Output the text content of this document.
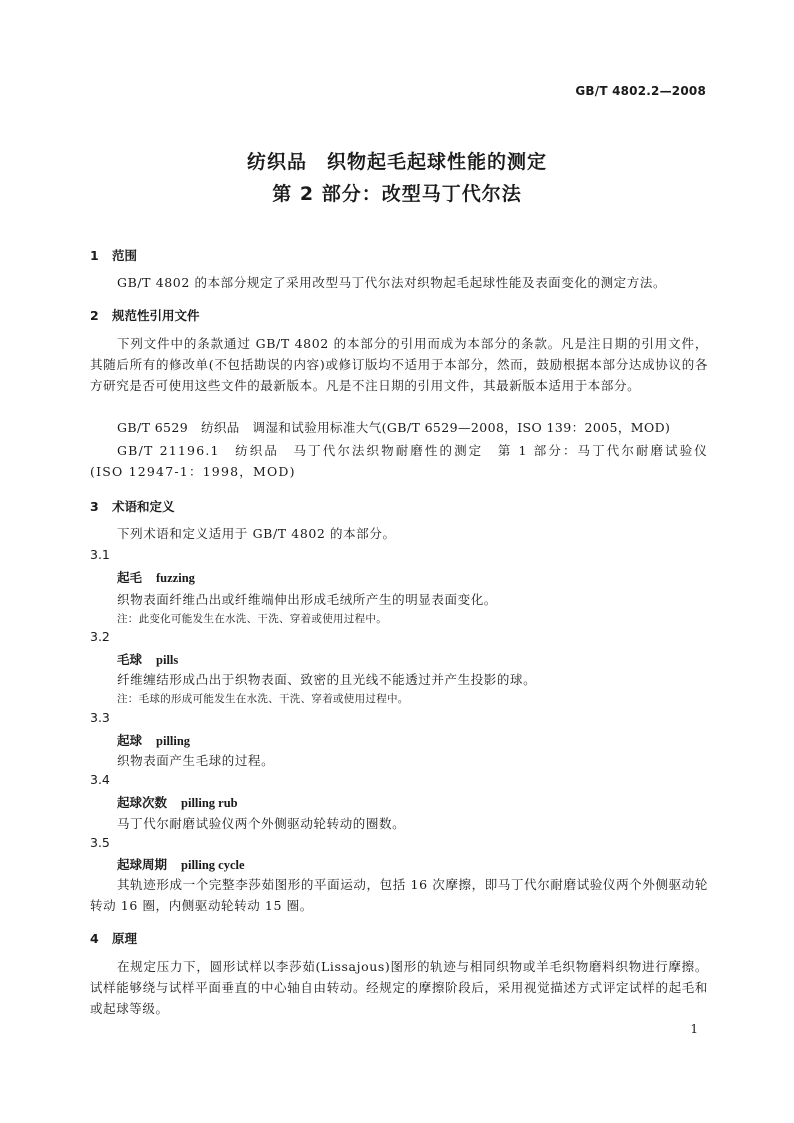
GB/T 4802.2—2008
纺织品　织物起毛起球性能的测定
第 2 部分：改型马丁代尔法
1 范围
GB/T 4802 的本部分规定了采用改型马丁代尔法对织物起毛起球性能及表面变化的测定方法。
2 规范性引用文件
下列文件中的条款通过 GB/T 4802 的本部分的引用而成为本部分的条款。凡是注日期的引用文件，其随后所有的修改单(不包括勘误的内容)或修订版均不适用于本部分，然而，鼓励根据本部分达成协议的各方研究是否可使用这些文件的最新版本。凡是不注日期的引用文件，其最新版本适用于本部分。
GB/T 6529　纺织品　调湿和试验用标准大气(GB/T 6529—2008，ISO 139：2005，MOD)
GB/T 21196.1　纺织品　马丁代尔法织物耐磨性的测定　第 1 部分：马丁代尔耐磨试验仪(ISO 12947-1：1998，MOD)
3 术语和定义
下列术语和定义适用于 GB/T 4802 的本部分。
3.1
起毛 fuzzing
织物表面纤维凸出或纤维端伸出形成毛绒所产生的明显表面变化。
注：此变化可能发生在水洗、干洗、穿着或使用过程中。
3.2
毛球 pills
纤维缠结形成凸出于织物表面、致密的且光线不能透过并产生投影的球。
注：毛球的形成可能发生在水洗、干洗、穿着或使用过程中。
3.3
起球 pilling
织物表面产生毛球的过程。
3.4
起球次数 pilling rub
马丁代尔耐磨试验仪两个外侧驱动轮转动的圈数。
3.5
起球周期 pilling cycle
其轨迹形成一个完整李莎茹图形的平面运动，包括 16 次摩擦，即马丁代尔耐磨试验仪两个外侧驱动轮转动 16 圈，内侧驱动轮转动 15 圈。
4 原理
在规定压力下，圆形试样以李莎茹(Lissajous)图形的轨迹与相同织物或羊毛织物磨料织物进行摩擦。试样能够绕与试样平面垂直的中心轴自由转动。经规定的摩擦阶段后，采用视觉描述方式评定试样的起毛和或起球等级。
1
